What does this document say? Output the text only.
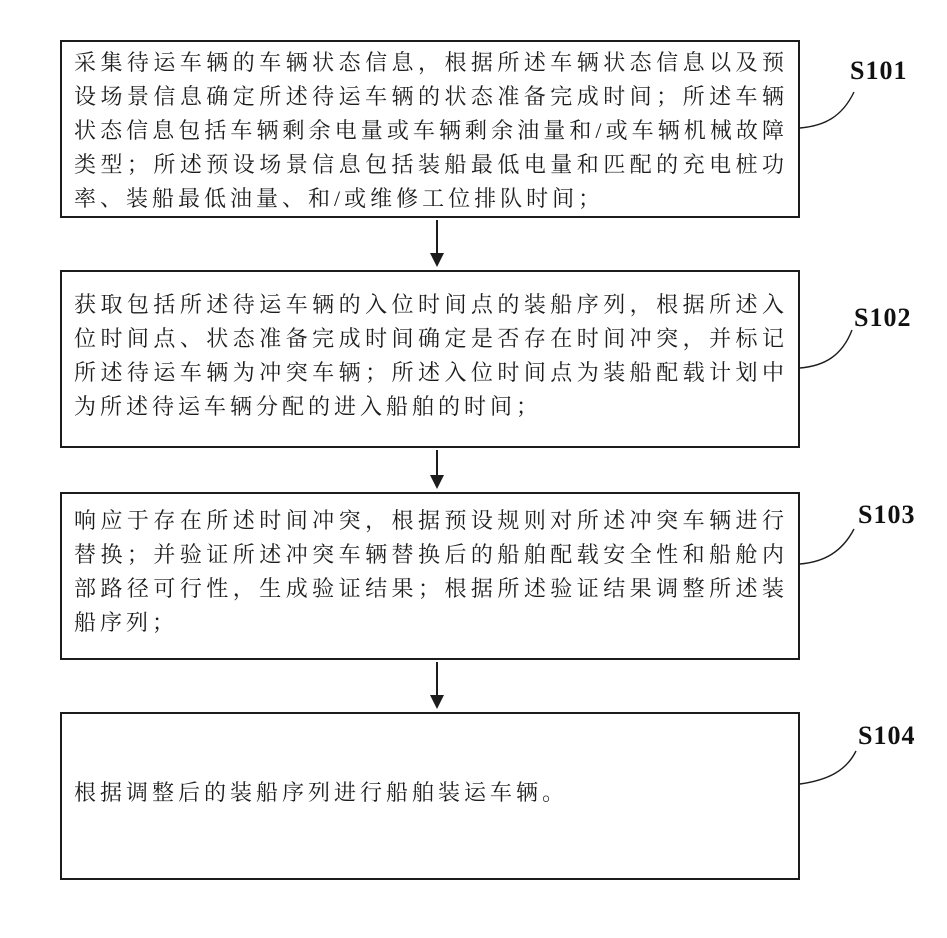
采集待运车辆的车辆状态信息，根据所述车辆状态信息以及预设场景信息确定所述待运车辆的状态准备完成时间；所述车辆状态信息包括车辆剩余电量或车辆剩余油量和/或车辆机械故障类型；所述预设场景信息包括装船最低电量和匹配的充电桩功率、装船最低油量、和/或维修工位排队时间；

获取包括所述待运车辆的入位时间点的装船序列，根据所述入位时间点、状态准备完成时间确定是否存在时间冲突，并标记所述待运车辆为冲突车辆；所述入位时间点为装船配载计划中为所述待运车辆分配的进入船舶的时间；

响应于存在所述时间冲突，根据预设规则对所述冲突车辆进行替换；并验证所述冲突车辆替换后的船舶配载安全性和船舱内部路径可行性，生成验证结果；根据所述验证结果调整所述装船序列；

根据调整后的装船序列进行船舶装运车辆。

S101
S102
S103
S104
